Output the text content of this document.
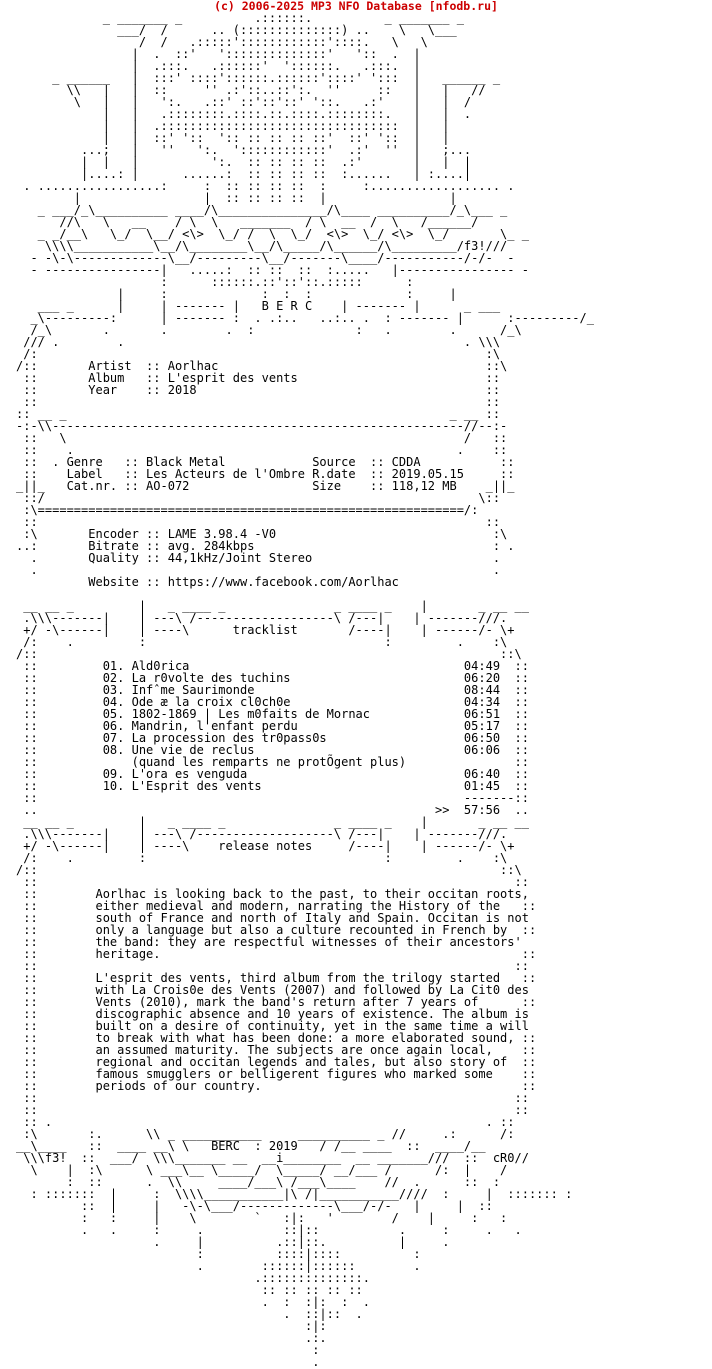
(c) 2006-2025 MP3 NFO Database [nfodb.ru]
_ _______ _          .::::::.          _ _______ _
___/  /      .. (::::::::::::::) ..    \   \___
/  /   .:::::'::::::::::::'::::.   \   \
|  .  ::'   '::::::::::::::'   '::  .  |
|  .:::.   .::::::'  '::::::.   .:::.  |
_ ______   |  :::' ::::'::::::.::::::'::::' ':::  |   ______ _
\\   |   |  ::     '' .:'::..::':.  ''     ::   |   |   //
\   |   |   ':.   .::' ::'::'::' '::.   .:'    |   |  /
|   |   .::::::::.::::.::.::::.::::::::.   |   |  .
|   |  .:::::::::::::::::::::::::::::::::  |   |
|   |  ::' '::  ':: :: :: :: ::'  ::' '::  |   |
...;   |   ''   ':.  '::::::::::::'  .:'  ''  |   ;...
|  |   |          ':.  :: :: :: ::  .:'       |   |  |
|....: |      ......:  :: :: :: ::  :......   | :....|
. .................:     :  :: :: :: ::  :     :.................. .
|                 |  :: :: :: ::  |                 |
_ ___/_\__________ ____/\_______________/\____ __________/_\___ _
//\   \   __    / \  \   _______  / \  __  /  \   /______/
_ _/__\   \_/  \__/ <\>  \_/ /  \  \_/  <\>  \_/ <\>  \_/       \_ _
\\\\___________\__/\________\__/\_____/\______/\_________/f3!///
- -\-\-------------\__/---------\__/-------\____/-----------/-/-  -
- ----------------|   .....:  :: ::  ::  :.....   |---------------- -
:      ::::::.::'::'::.:::::      :
|     :             :  :  :             :     |
___ _      |     | ------- |   B E R C    | ------- |      _ ___
_\---------:      | ------- :  . .:..   ..:.. .  : ------- |      :---------/_
/_\       .       .        .  :              :   .        .      /_\
/// .        .                                               . \\\
/:                                                              :\
/::       Artist  :: Aorlhac                                     ::\
::       Album   :: L'esprit des vents                          ::
::       Year    :: 2018                                        ::
::                                                              ::
:: __ _                                                     _ __ ::
-:-\\---------------------------------------------------------//--:-
::   \                                                       /   ::
::    .                                                     .    ::
::  . Genre   :: Black Metal            Source  :: CDDA           ::
::    Label   :: Les Acteurs de l'Ombre R.date  :: 2019.05.15     ::
_||_   Cat.nr. :: AO-072                 Size    :: 118,12 MB    _||_
::/                                                            \::
:\===========================================================/:
::                                                              ::
:\       Encoder :: LAME 3.98.4 -V0                              :\
..:       Bitrate :: avg. 284kbps                                 : .
.       Quality :: 44,1kHz/Joint Stereo                         .
.                                                               .
Website :: https://www.facebook.com/Aorlhac

__ __ _         |   _ ____ _               _ ____ _    |       _ __ __
.\\\-------|    | ---\ /-------------------\ /---|    | -------///.
+/ -\------|    | ----\      tracklist       /----|    | ------/- \+
/:    .         :                                 :         .    :\
/::                                                                ::\
::         01. Ald0rica                                      04:49  ::
::         02. La r0volte des tuchins                        06:20  ::
::         03. Infˆme Saurimonde                             08:44  ::
::         04. Ode æ la croix cl0ch0e                        04:34  ::
::         05. 1802-1869 | Les m0faits de Mornac             06:51  ::
::         06. Mandrin, l'enfant perdu                       05:17  ::
::         07. La procession des tr0pass0s                   06:50  ::
::         08. Une vie de reclus                             06:06  ::
::             (quand les remparts ne protÕgent plus)               ::
::         09. L'ora es venguda                              06:40  ::
::         10. L'Esprit des vents                            01:45  ::
::                                                           -------::
..                                                       >>  57:56  ..
__ __ _         |   _ ____ _               _ ____ _    |       _ __ __
.\\\-------|    | ---\ /-------------------\ /---|    | -------///.
+/ -\------|    | ----\    release notes     /----|    | ------/- \+
/:    .         :                                 :         .    :\
/::                                                                ::\
::                                                                  ::
::        Aorlhac is looking back to the past, to their occitan roots,
::        either medieval and modern, narrating the History of the   ::
::        south of France and north of Italy and Spain. Occitan is not
::        only a language but also a culture recounted in French by  ::
::        the band: they are respectful witnesses of their ancestors'
::        heritage.                                                  ::
::                                                                  ::
::        L'esprit des vents, third album from the trilogy started   ::
::        with La Crois0e des Vents (2007) and followed by La Cit0 des
::        Vents (2010), mark the band's return after 7 years of      ::
::        discographic absence and 10 years of existence. The album is
::        built on a desire of continuity, yet in the same time a will
::        to break with what has been done: a more elaborated sound, ::
::        an assumed maturity. The subjects are once again local,    ::
::        regional and occitan legends and tales, but also story of  ::
::        famous smugglers or belligerent figures who marked some    ::
::        periods of our country.                                    ::
::                                                                  ::
::                                                                  ::
:: .                                                            . ::
:\       :.      \\ _ ___________     __________ _ //     .:      /:
__\____   ::  ____ __\ \   BERC  : 2019   / /__ ____  ::  ____/__
\\\f3!  ::  ___/  \\\_______ __  __i________  __ _______///  ::  cR0//
\    |  :\      \ ___\__ \_____/  \_____/ __/___ /      /:  |    /
:  ::      .  \\     ____/___\ /___\____    //  .      ::  :
: :::::::  |     :  \\\\___________|\ /|___________////  :     |  ::::::: :
::  |     |   -\-\___/-------------\___/-/-   |     |  ::
:   :     |    \        `   :|:   '        /    |     :   :
.   .     :     .           ::|::           .     :     .   .
.     |          .::|::.          |     .
:          ::::|::::          :
.        ::::::|::::::        .
.::::::::::::::.
:: :: :: :: ::
.  :  :|:  :  .
.  ::|::  .
:|:
.:.
:
.
